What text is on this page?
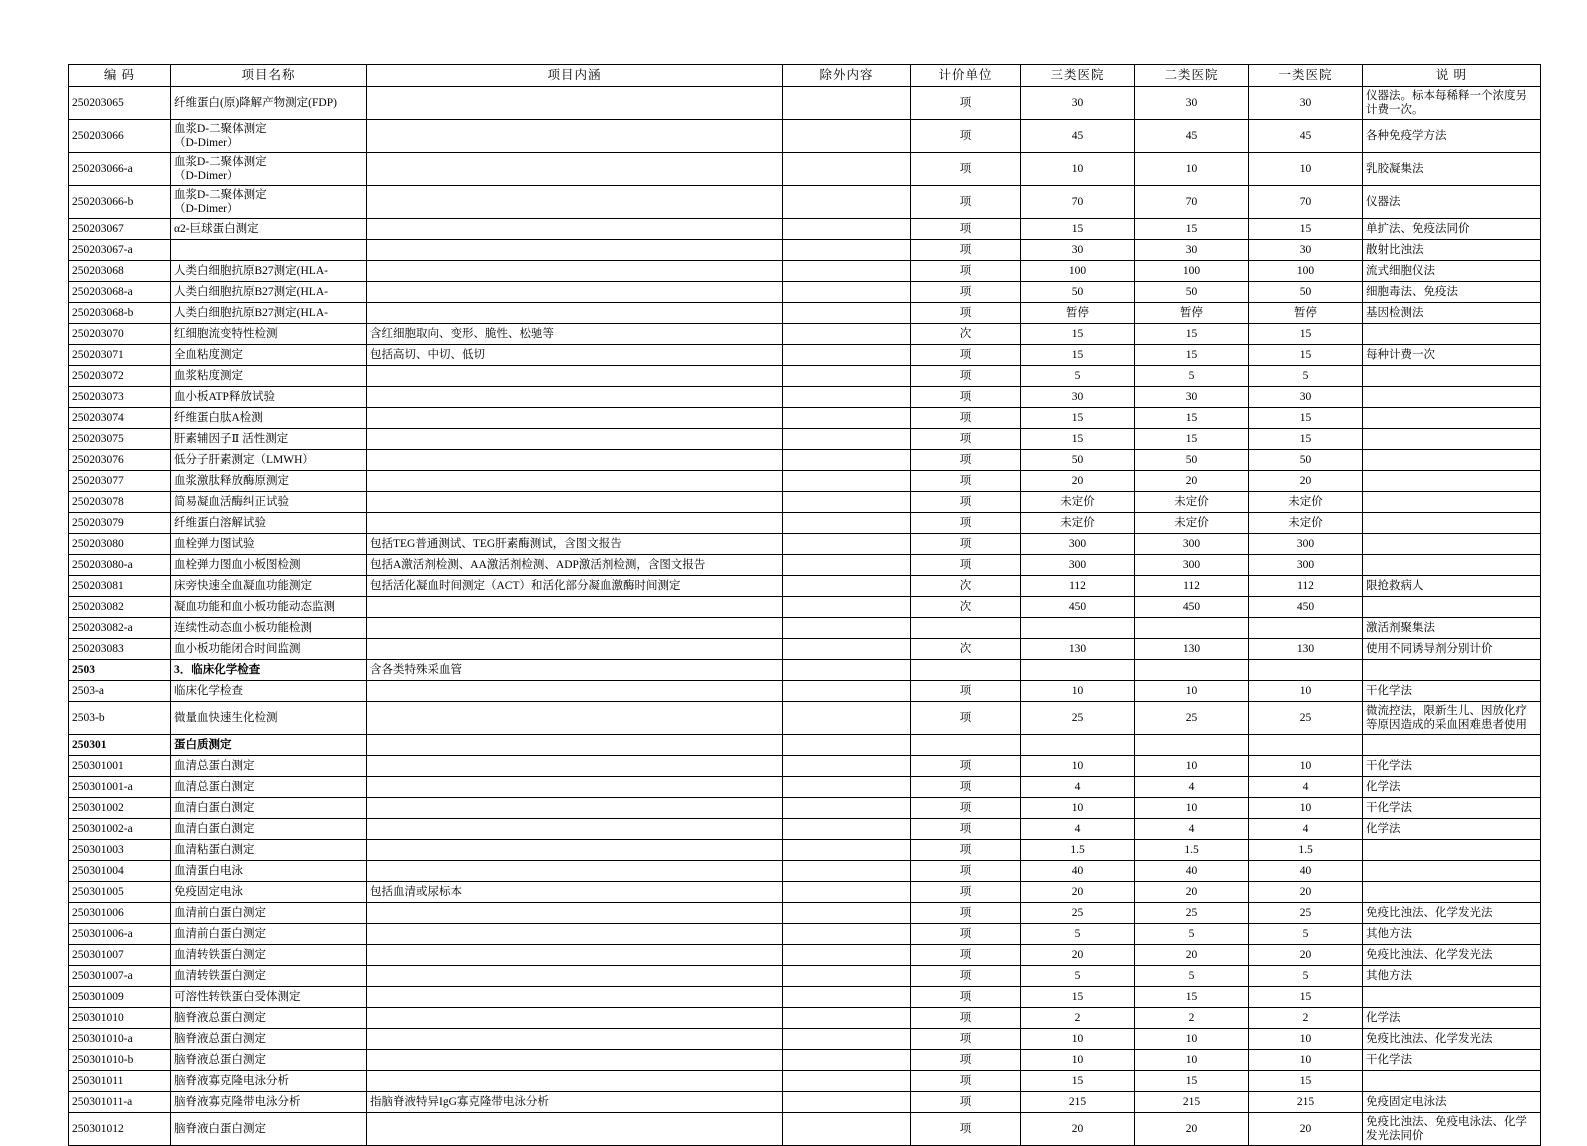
编 码	项目名称	项目内涵	除外内容	计价单位	三类医院	二类医院	一类医院	说 明
250203065	纤维蛋白(原)降解产物测定(FDP)			项	30	30	30	仪器法。标本每稀释一个浓度另计费一次。
250203066	血浆D-二聚体测定
（D-Dimer）			项	45	45	45	各种免疫学方法
250203066-a	血浆D-二聚体测定
（D-Dimer）			项	10	10	10	乳胶凝集法
250203066-b	血浆D-二聚体测定
（D-Dimer）			项	70	70	70	仪器法
250203067	α2-巨球蛋白测定			项	15	15	15	单扩法、免疫法同价
250203067-a				项	30	30	30	散射比浊法
250203068	人类白细胞抗原B27测定(HLA-			项	100	100	100	流式细胞仪法
250203068-a	人类白细胞抗原B27测定(HLA-			项	50	50	50	细胞毒法、免疫法
250203068-b	人类白细胞抗原B27测定(HLA-			项	暂停	暂停	暂停	基因检测法
250203070	红细胞流变特性检测	含红细胞取向、变形、脆性、松驰等		次	15	15	15	
250203071	全血粘度测定	包括高切、中切、低切		项	15	15	15	每种计费一次
250203072	血浆粘度测定			项	5	5	5	
250203073	血小板ATP释放试验			项	30	30	30	
250203074	纤维蛋白肽A检测			项	15	15	15	
250203075	肝素辅因子Ⅱ 活性测定			项	15	15	15	
250203076	低分子肝素测定（LMWH）			项	50	50	50	
250203077	血浆激肽释放酶原测定			项	20	20	20	
250203078	简易凝血活酶纠正试验			项	未定价	未定价	未定价	
250203079	纤维蛋白溶解试验			项	未定价	未定价	未定价	
250203080	血栓弹力图试验	包括TEG普通测试、TEG肝素酶测试，含图文报告		项	300	300	300	
250203080-a	血栓弹力图血小板图检测	包括A激活剂检测、AA激活剂检测、ADP激活剂检测，含图文报告		项	300	300	300	
250203081	床旁快速全血凝血功能测定	包括活化凝血时间测定（ACT）和活化部分凝血激酶时间测定		次	112	112	112	限抢救病人
250203082	凝血功能和血小板功能动态监测			次	450	450	450	
250203082-a	连续性动态血小板功能检测							激活剂聚集法
250203083	血小板功能闭合时间监测			次	130	130	130	使用不同诱导剂分别计价
2503	3．临床化学检查	含各类特殊采血管						
2503-a	临床化学检查			项	10	10	10	干化学法
2503-b	微量血快速生化检测			项	25	25	25	微流控法，限新生儿、因放化疗等原因造成的采血困难患者使用
250301	蛋白质测定							
250301001	血清总蛋白测定			项	10	10	10	干化学法
250301001-a	血清总蛋白测定			项	4	4	4	化学法
250301002	血清白蛋白测定			项	10	10	10	干化学法
250301002-a	血清白蛋白测定			项	4	4	4	化学法
250301003	血清粘蛋白测定			项	1.5	1.5	1.5	
250301004	血清蛋白电泳			项	40	40	40	
250301005	免疫固定电泳	包括血清或尿标本		项	20	20	20	
250301006	血清前白蛋白测定			项	25	25	25	免疫比浊法、化学发光法
250301006-a	血清前白蛋白测定			项	5	5	5	其他方法
250301007	血清转铁蛋白测定			项	20	20	20	免疫比浊法、化学发光法
250301007-a	血清转铁蛋白测定			项	5	5	5	其他方法
250301009	可溶性转铁蛋白受体测定			项	15	15	15	
250301010	脑脊液总蛋白测定			项	2	2	2	化学法
250301010-a	脑脊液总蛋白测定			项	10	10	10	免疫比浊法、化学发光法
250301010-b	脑脊液总蛋白测定			项	10	10	10	干化学法
250301011	脑脊液寡克隆电泳分析			项	15	15	15	
250301011-a	脑脊液寡克隆带电泳分析	指脑脊液特异IgG寡克隆带电泳分析		项	215	215	215	免疫固定电泳法
250301012	脑脊液白蛋白测定			项	20	20	20	免疫比浊法、免疫电泳法、化学发光法同价
